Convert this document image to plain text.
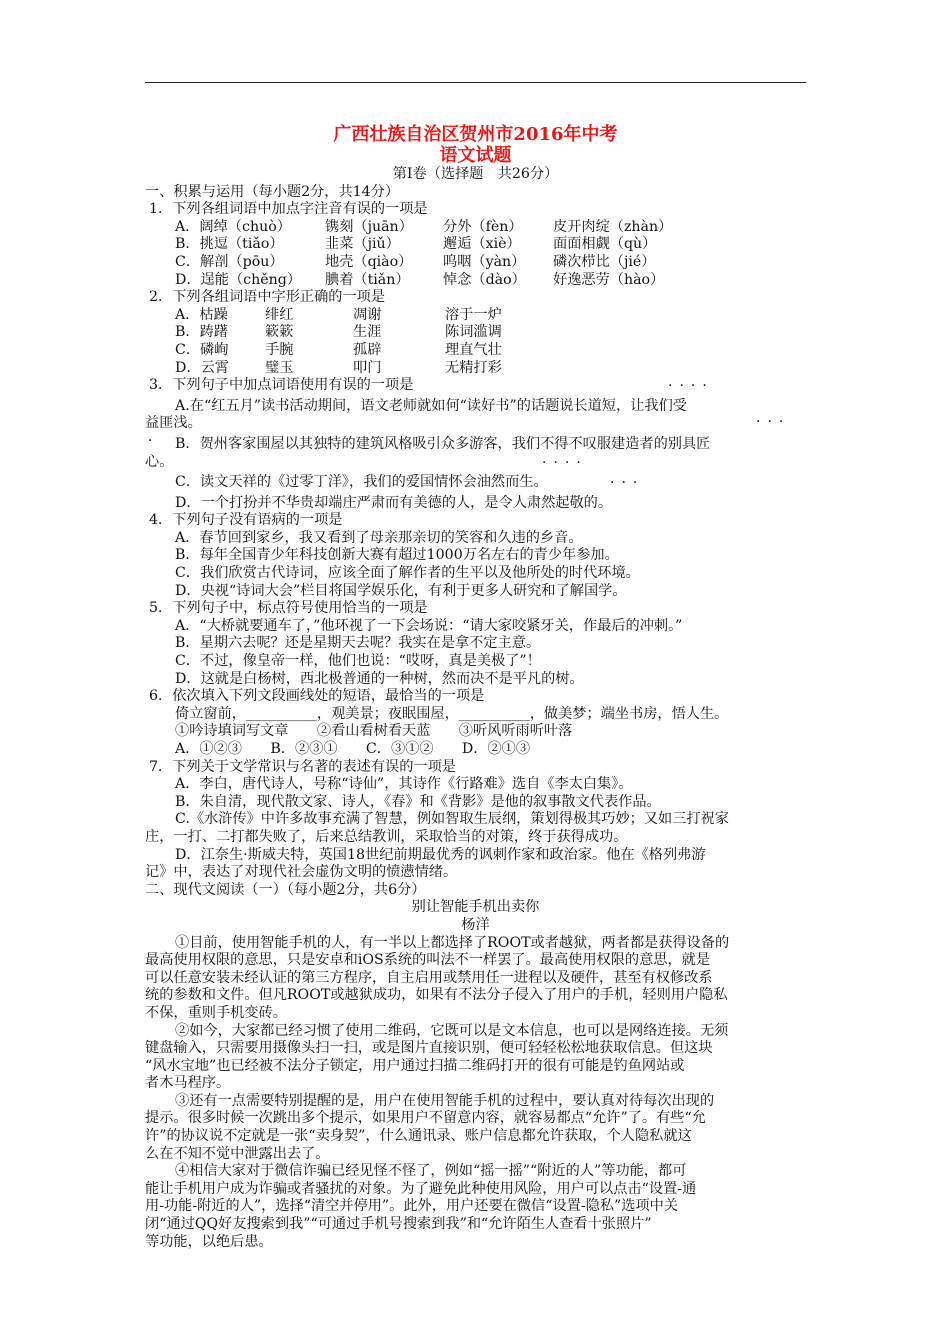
广西壮族自治区贺州市2016年中考
语文试题
第Ⅰ卷（选择题　共26分）
一、积累与运用（每小题2分，共14分）
1．下列各组词语中加点字注音有误的一项是
A．阔绰（chuò） 镌刻（juān） 分外（fèn） 皮开肉绽（zhàn）
B．挑逗（tiǎo）	韭菜（jiǔ）	邂逅（xiè） 面面相觑（qù）
C．解剖（pōu）	地壳（qiào） 呜咽（yàn） 磷次栉比（jié）
D．逞能（chěng） 腆着（tiǎn） 悼念（dào） 好逸恶劳（hào）
2．下列各组词语中字形正确的一项是
A．枯躁	绯红	凋谢	溶于一炉
B．踌躇	簌簌	生涯	陈词滥调
C．磷峋	手腕	孤辟	理直气壮
D．云霄	璧玉	叩门	无精打彩
3．下列句子中加点词语使用有误的一项是
A.在“红五月”读书活动期间，语文老师就如何“读好书”的话题说长道短，让我们受
益匪浅。
B．贺州客家围屋以其独特的建筑风格吸引众多游客，我们不得不叹服建造者的别具匠
心。
C．读文天祥的《过零丁洋》，我们的爱国情怀会油然而生。
D．一个打扮并不华贵却端庄严肃而有美德的人，是令人肃然起敬的。
4．下列句子没有语病的一项是
A．春节回到家乡，我又看到了母亲那亲切的笑容和久违的乡音。
B．每年全国青少年科技创新大赛有超过1000万名左右的青少年参加。
C．我们欣赏古代诗词，应该全面了解作者的生平以及他所处的时代环境。
D．央视“诗词大会”栏目将国学娱乐化，有利于更多人研究和了解国学。
5．下列句子中，标点符号使用恰当的一项是
A．“大桥就要通车了，”他环视了一下会场说：“请大家咬紧牙关，作最后的冲刺。”
B．星期六去呢？还是星期天去呢？我实在是拿不定主意。
C．不过，像皇帝一样，他们也说：“哎呀，真是美极了”！
D．这就是白杨树，西北极普通的一种树，然而决不是平凡的树。
6．依次填入下列文段画线处的短语，最恰当的一项是
倚立窗前，__________，观美景；夜眠围屋，__________，做美梦；端坐书房，悟人生。
①吟诗填词写文章　　②看山看树看天蓝　　③听风听雨听叶落
A．①②③　　B．②③①　　C．③①②　　D．②①③
7．下列关于文学常识与名著的表述有误的一项是
A．李白，唐代诗人，号称“诗仙”，其诗作《行路难》选自《李太白集》。
B．朱自清，现代散文家、诗人，《春》和《背影》是他的叙事散文代表作品。
C.《水浒传》中许多故事充满了智慧，例如智取生辰纲，策划得极其巧妙；又如三打祝家
庄，一打、二打都失败了，后来总结教训，采取恰当的对策，终于获得成功。
D．江奈生·斯威夫特，英国18世纪前期最优秀的讽刺作家和政治家。他在《格列弗游
记》中，表达了对现代社会虚伪文明的愤懑情绪。
二、现代文阅读（一）（每小题2分，共6分）
别让智能手机出卖你
杨洋
①目前，使用智能手机的人，有一半以上都选择了ROOT或者越狱，两者都是获得设备的
最高使用权限的意思，只是安卓和iOS系统的叫法不一样罢了。最高使用权限的意思，就是
可以任意安装未经认证的第三方程序，自主启用或禁用任一进程以及硬件，甚至有权修改系
统的参数和文件。但凡ROOT或越狱成功，如果有不法分子侵入了用户的手机，轻则用户隐私
不保，重则手机变砖。
②如今，大家都已经习惯了使用二维码，它既可以是文本信息，也可以是网络连接。无须
键盘输入，只需要用摄像头扫一扫，或是图片直接识别，便可轻轻松松地获取信息。但这块
“风水宝地”也已经被不法分子锁定，用户通过扫描二维码打开的很有可能是钓鱼网站或
者木马程序。
③还有一点需要特别提醒的是，用户在使用智能手机的过程中，要认真对待每次出现的
提示。很多时候一次跳出多个提示，如果用户不留意内容，就容易都点“允许”了。有些“允
许”的协议说不定就是一张“卖身契”，什么通讯录、账户信息都允许获取，个人隐私就这
么在不知不觉中泄露出去了。
④相信大家对于微信诈骗已经见怪不怪了，例如“摇一摇”“附近的人”等功能，都可
能让手机用户成为诈骗或者骚扰的对象。为了避免此种使用风险，用户可以点击“设置-通
用-功能-附近的人”，选择“清空并停用”。此外，用户还要在微信“设置-隐私”选项中关
闭“通过QQ好友搜索到我”“可通过手机号搜索到我”和“允许陌生人查看十张照片”
等功能，以绝后患。
····
···
·
····
···
